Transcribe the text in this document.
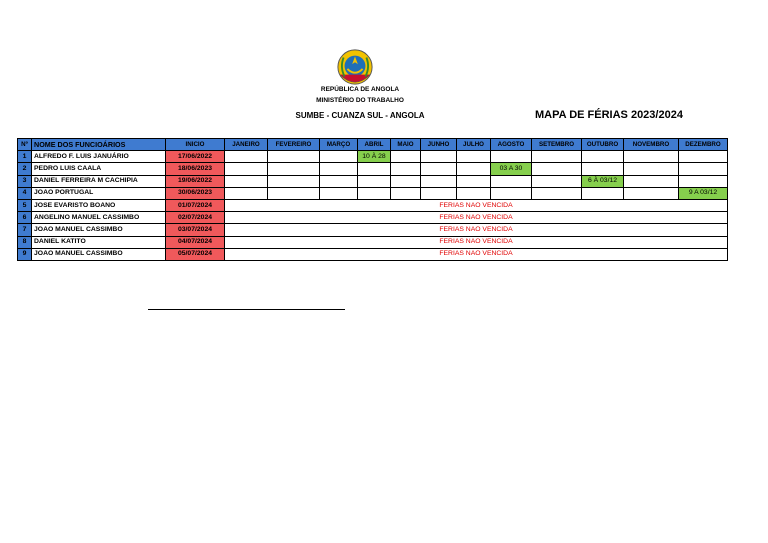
REPÚBLICA DE ANGOLA
MINISTÉRIO DO TRABALHO
SUMBE - CUANZA SUL - ANGOLA	MAPA DE FÉRIAS 2023/2024
Nº	NOME DOS FUNCIOÁRIOS	INICIO	JANEIRO	FEVEREIRO	MARÇO	ABRIL	MAIO	JUNHO	JULHO	AGOSTO	SETEMBRO	OUTUBRO	NOVEMBRO	DEZEMBRO
1	ALFREDO F. LUIS JANUÁRIO	17/06/2022				10 À 28								
2	PEDRO LUIS CAALA	18/06/2023								03 A 30				
3	DANIEL FERREIRA M CACHIPIA	19/06/2022										6 À 03/12		
4	JOAO PORTUGAL	30/06/2023												9 A 03/12
5	JOSE EVARISTO BOANO	01/07/2024	FERIAS NAO VENCIDA											
6	ANGELINO MANUEL CASSIMBO	02/07/2024	FERIAS NAO VENCIDA											
7	JOAO MANUEL CASSIMBO	03/07/2024	FERIAS NAO VENCIDA											
8	DANIEL KATITO	04/07/2024	FERIAS NAO VENCIDA											
9	JOAO MANUEL CASSIMBO	05/07/2024	FERIAS NAO VENCIDA											
